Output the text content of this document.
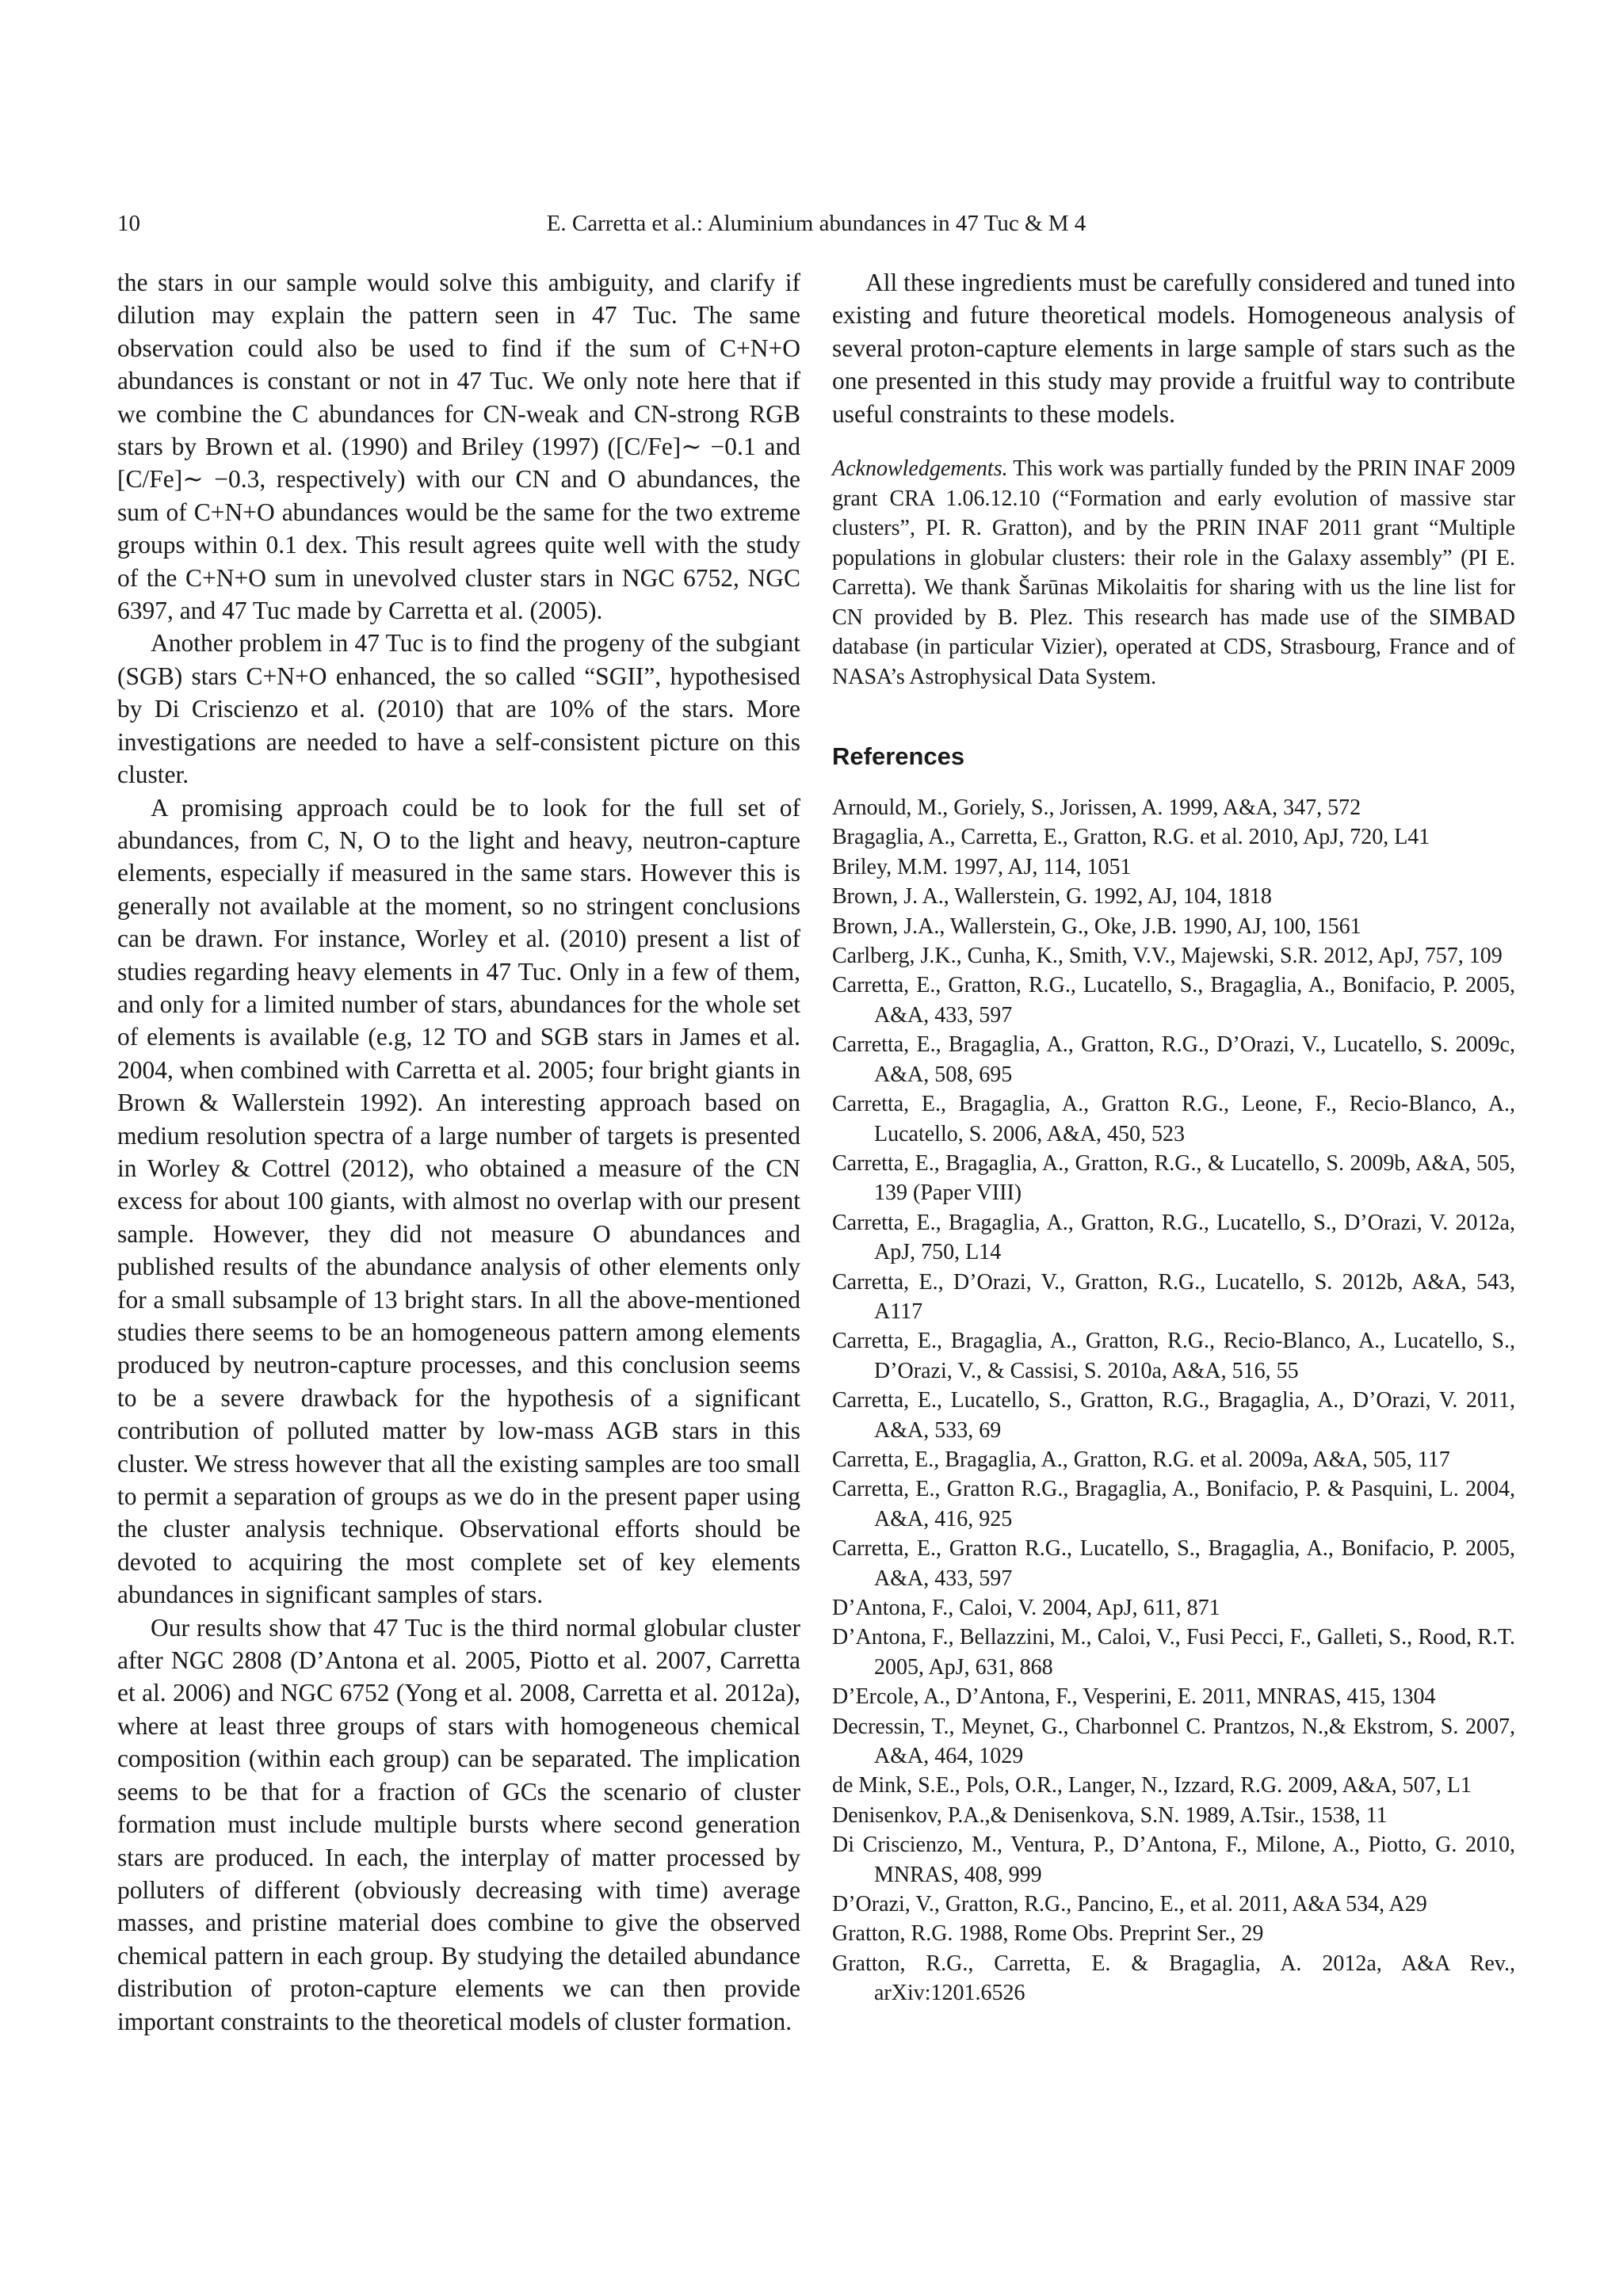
10	E. Carretta et al.: Aluminium abundances in 47 Tuc & M 4

the stars in our sample would solve this ambiguity, and clarify if dilution may explain the pattern seen in 47 Tuc. The same observation could also be used to find if the sum of C+N+O abundances is constant or not in 47 Tuc. We only note here that if we combine the C abundances for CN-weak and CN-strong RGB stars by Brown et al. (1990) and Briley (1997) ([C/Fe]∼ −0.1 and [C/Fe]∼ −0.3, respectively) with our CN and O abundances, the sum of C+N+O abundances would be the same for the two extreme groups within 0.1 dex. This result agrees quite well with the study of the C+N+O sum in unevolved cluster stars in NGC 6752, NGC 6397, and 47 Tuc made by Carretta et al. (2005).

Another problem in 47 Tuc is to find the progeny of the subgiant (SGB) stars C+N+O enhanced, the so called “SGII”, hypothesised by Di Criscienzo et al. (2010) that are 10% of the stars. More investigations are needed to have a self-consistent picture on this cluster.

A promising approach could be to look for the full set of abundances, from C, N, O to the light and heavy, neutron-capture elements, especially if measured in the same stars. However this is generally not available at the moment, so no stringent conclusions can be drawn. For instance, Worley et al. (2010) present a list of studies regarding heavy elements in 47 Tuc. Only in a few of them, and only for a limited number of stars, abundances for the whole set of elements is available (e.g, 12 TO and SGB stars in James et al. 2004, when combined with Carretta et al. 2005; four bright giants in Brown & Wallerstein 1992). An interesting approach based on medium resolution spectra of a large number of targets is presented in Worley & Cottrel (2012), who obtained a measure of the CN excess for about 100 giants, with almost no overlap with our present sample. However, they did not measure O abundances and published results of the abundance analysis of other elements only for a small subsample of 13 bright stars. In all the above-mentioned studies there seems to be an homogeneous pattern among elements produced by neutron-capture processes, and this conclusion seems to be a severe drawback for the hypothesis of a significant contribution of polluted matter by low-mass AGB stars in this cluster. We stress however that all the existing samples are too small to permit a separation of groups as we do in the present paper using the cluster analysis technique. Observational efforts should be devoted to acquiring the most complete set of key elements abundances in significant samples of stars.

Our results show that 47 Tuc is the third normal globular cluster after NGC 2808 (D’Antona et al. 2005, Piotto et al. 2007, Carretta et al. 2006) and NGC 6752 (Yong et al. 2008, Carretta et al. 2012a), where at least three groups of stars with homogeneous chemical composition (within each group) can be separated. The implication seems to be that for a fraction of GCs the scenario of cluster formation must include multiple bursts where second generation stars are produced. In each, the interplay of matter processed by polluters of different (obviously decreasing with time) average masses, and pristine material does combine to give the observed chemical pattern in each group. By studying the detailed abundance distribution of proton-capture elements we can then provide important constraints to the theoretical models of cluster formation.

All these ingredients must be carefully considered and tuned into existing and future theoretical models. Homogeneous analysis of several proton-capture elements in large sample of stars such as the one presented in this study may provide a fruitful way to contribute useful constraints to these models.

Acknowledgements. This work was partially funded by the PRIN INAF 2009 grant CRA 1.06.12.10 (“Formation and early evolution of massive star clusters”, PI. R. Gratton), and by the PRIN INAF 2011 grant “Multiple populations in globular clusters: their role in the Galaxy assembly” (PI E. Carretta). We thank Šarūnas Mikolaitis for sharing with us the line list for CN provided by B. Plez. This research has made use of the SIMBAD database (in particular Vizier), operated at CDS, Strasbourg, France and of NASA’s Astrophysical Data System.

References
Arnould, M., Goriely, S., Jorissen, A. 1999, A&A, 347, 572
Bragaglia, A., Carretta, E., Gratton, R.G. et al. 2010, ApJ, 720, L41
Briley, M.M. 1997, AJ, 114, 1051
Brown, J. A., Wallerstein, G. 1992, AJ, 104, 1818
Brown, J.A., Wallerstein, G., Oke, J.B. 1990, AJ, 100, 1561
Carlberg, J.K., Cunha, K., Smith, V.V., Majewski, S.R. 2012, ApJ, 757, 109
Carretta, E., Gratton, R.G., Lucatello, S., Bragaglia, A., Bonifacio, P. 2005, A&A, 433, 597
Carretta, E., Bragaglia, A., Gratton, R.G., D’Orazi, V., Lucatello, S. 2009c, A&A, 508, 695
Carretta, E., Bragaglia, A., Gratton R.G., Leone, F., Recio-Blanco, A., Lucatello, S. 2006, A&A, 450, 523
Carretta, E., Bragaglia, A., Gratton, R.G., & Lucatello, S. 2009b, A&A, 505, 139 (Paper VIII)
Carretta, E., Bragaglia, A., Gratton, R.G., Lucatello, S., D’Orazi, V. 2012a, ApJ, 750, L14
Carretta, E., D’Orazi, V., Gratton, R.G., Lucatello, S. 2012b, A&A, 543, A117
Carretta, E., Bragaglia, A., Gratton, R.G., Recio-Blanco, A., Lucatello, S., D’Orazi, V., & Cassisi, S. 2010a, A&A, 516, 55
Carretta, E., Lucatello, S., Gratton, R.G., Bragaglia, A., D’Orazi, V. 2011, A&A, 533, 69
Carretta, E., Bragaglia, A., Gratton, R.G. et al. 2009a, A&A, 505, 117
Carretta, E., Gratton R.G., Bragaglia, A., Bonifacio, P. & Pasquini, L. 2004, A&A, 416, 925
Carretta, E., Gratton R.G., Lucatello, S., Bragaglia, A., Bonifacio, P. 2005, A&A, 433, 597
D’Antona, F., Caloi, V. 2004, ApJ, 611, 871
D’Antona, F., Bellazzini, M., Caloi, V., Fusi Pecci, F., Galleti, S., Rood, R.T. 2005, ApJ, 631, 868
D’Ercole, A., D’Antona, F., Vesperini, E. 2011, MNRAS, 415, 1304
Decressin, T., Meynet, G., Charbonnel C. Prantzos, N.,& Ekstrom, S. 2007, A&A, 464, 1029
de Mink, S.E., Pols, O.R., Langer, N., Izzard, R.G. 2009, A&A, 507, L1
Denisenkov, P.A.,& Denisenkova, S.N. 1989, A.Tsir., 1538, 11
Di Criscienzo, M., Ventura, P., D’Antona, F., Milone, A., Piotto, G. 2010, MNRAS, 408, 999
D’Orazi, V., Gratton, R.G., Pancino, E., et al. 2011, A&A 534, A29
Gratton, R.G. 1988, Rome Obs. Preprint Ser., 29
Gratton, R.G., Carretta, E. & Bragaglia, A. 2012a, A&A Rev., arXiv:1201.6526
